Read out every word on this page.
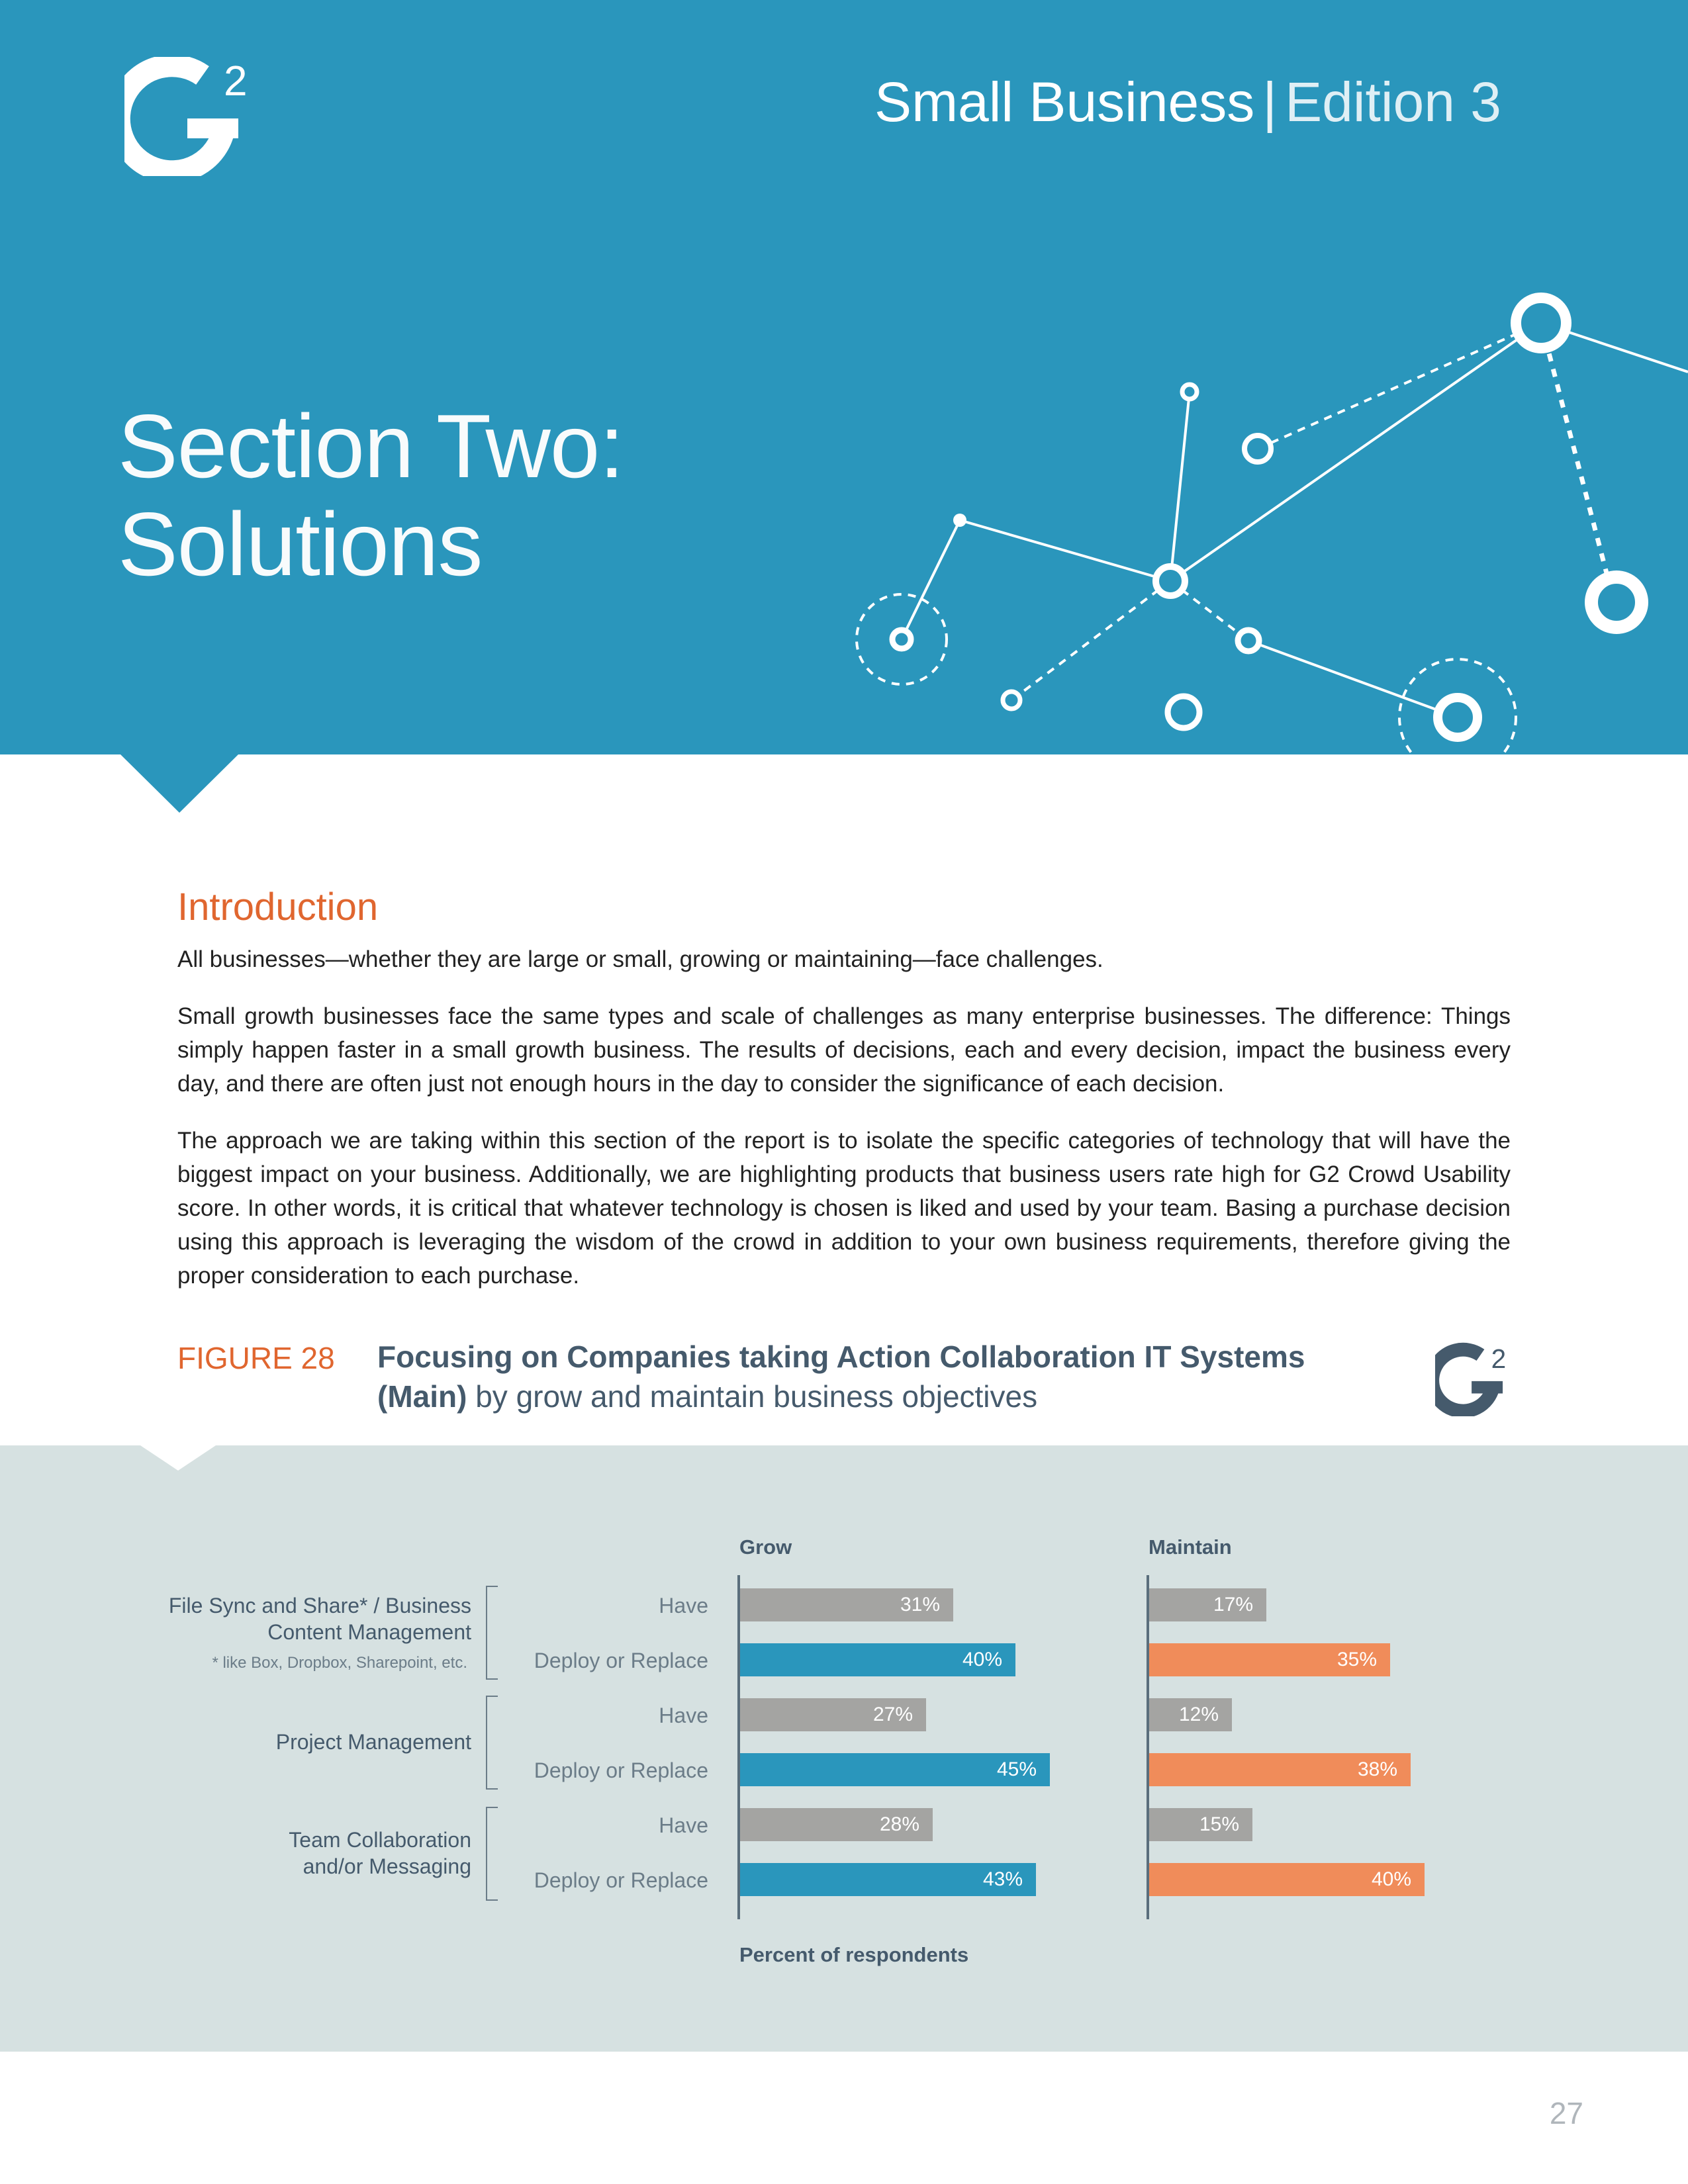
2	Small Business | Edition 3
Section Two:
Solutions
Introduction

All businesses—whether they are large or small, growing or maintaining—face challenges.

Small growth businesses face the same types and scale of challenges as many enterprise businesses. The difference: Things simply happen faster in a small growth business. The results of decisions, each and every decision, impact the business every day, and there are often just not enough hours in the day to consider the significance of each decision.

The approach we are taking within this section of the report is to isolate the specific categories of technology that will have the biggest impact on your business. Additionally, we are highlighting products that business users rate high for G2 Crowd Usability score. In other words, it is critical that whatever technology is chosen is liked and used by your team. Basing a purchase decision using this approach is leveraging the wisdom of the crowd in addition to your own business requirements, therefore giving the proper consideration to each purchase.

FIGURE 28 Focusing on Companies taking Action Collaboration IT Systems (Main) by grow and maintain business objectives
2
Grow	Maintain
File Sync and Share* / Business Content Management
* like Box, Dropbox, Sharepoint, etc.
Project Management
Team Collaboration and/or Messaging
Have	31%	17%
Deploy or Replace	40%	35%
Have	27%	12%
Deploy or Replace	45%	38%
Have	28%	15%
Deploy or Replace	43%	40%
Percent of respondents
27
